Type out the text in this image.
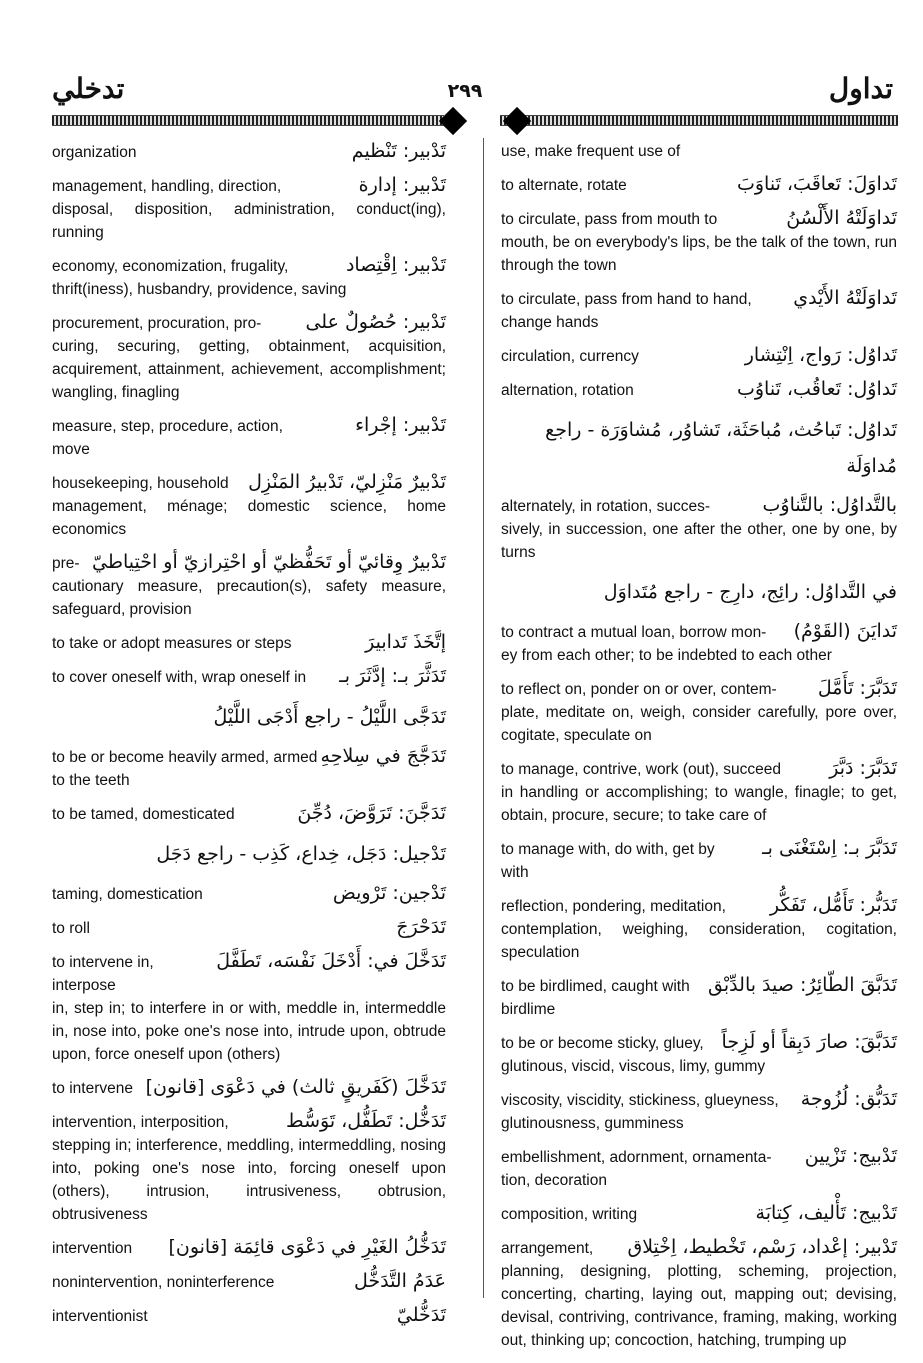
تدخلي	٢٩٩	تداول
organization	تَدْبير: تَنْظيم
management, handling, direction,	تَدْبير: إدارة
disposal, disposition, administration, conduct(ing), running
economy, economization, frugality,	تَدْبير: اِقْتِصاد
thrift(iness), husbandry, providence, saving
procurement, procuration, pro- تَدْبير: حُصُولٌ على
curing, securing, getting, obtainment, acquisition, acquirement, attainment, achievement, accomplishment; wangling, finagling
measure, step, procedure, action,	تَدْبير: إجْراء
move
housekeeping, household تَدْبيرٌ مَنْزِليّ، تَدْبيرُ المَنْزِل
management, ménage; domestic science, home economics
pre- تَدْبيرٌ وِقائيّ أو تَحَفُّظيّ أو احْتِرازيّ أو احْتِياطيّ
cautionary measure, precaution(s), safety measure, safeguard, provision
to take or adopt measures or steps	إتَّخَذَ تَدابيرَ
to cover oneself with, wrap oneself in تَدَثَّرَ بـ: إدَّثَرَ بـ
تَدَجَّى اللَّيْلُ - راجع أَدْجَى اللَّيْلُ
to be or become heavily armed, armed تَدَجَّجَ في سِلاحِهِ
to the teeth
to be tamed, domesticated	تَدَجَّنَ: تَرَوَّضَ، دُجِّنَ
تَدْجيل: دَجَل، خِداع، كَذِب - راجع دَجَل
taming, domestication	تَدْجين: تَرْويض
to roll	تَدَحْرَجَ
to intervene in, interpose
تَدَخَّلَ في: أَدْخَلَ نَفْسَه، تَطَفَّلَ
in, step in; to interfere in or with, meddle in, intermeddle in, nose into, poke one's nose into, intrude upon, obtrude upon, force oneself upon (others)
to intervene تَدَخَّلَ (كَفَريقٍ ثالث) في دَعْوَى [قانون]
intervention, interposition,	تَدَخُّل: تَطَفُّل، تَوَسُّط
stepping in; interference, meddling, intermeddling, nosing into, poking one's nose into, forcing oneself upon (others), intrusion, intrusiveness, obtrusion, obtrusiveness
intervention تَدَخُّلُ الغَيْرِ في دَعْوَى قائِمَة [قانون]
nonintervention, noninterference	عَدَمُ التَّدَخُّل
interventionist	تَدَخُّليّ
use, make frequent use of
to alternate, rotate	تَداوَلَ: تَعاقَبَ، تَناوَبَ
to circulate, pass from mouth to	تَداوَلَتْهُ الأَلْسُنُ
mouth, be on everybody's lips, be the talk of the town, run through the town
to circulate, pass from hand to hand, تَداوَلَتْهُ الأَيْدي
change hands
circulation, currency	تَداوُل: رَواج، اِنْتِشار
alternation, rotation	تَداوُل: تَعاقُب، تَناوُب
تَداوُل: تَباحُث، مُباحَثَة، تَشاوُر، مُشاوَرَة - راجع مُداوَلَة
alternately, in rotation, succes-	بالتَّداوُل: بالتَّناوُب
sively, in succession, one after the other, one by one, by turns
في التَّداوُل: رائِج، دارِج - راجع مُتَداوَل
to contract a mutual loan, borrow mon- تَدايَنَ (القَوْمُ)
ey from each other; to be indebted to each other
to reflect on, ponder on or over, contem- تَدَبَّرَ: تَأَمَّلَ
plate, meditate on, weigh, consider carefully, pore over, cogitate, speculate on
to manage, contrive, work (out), succeed	تَدَبَّرَ: دَبَّرَ
in handling or accomplishing; to wangle, finagle; to get, obtain, procure, secure; to take care of
to manage with, do with, get by تَدَبَّرَ بـ: اِسْتَغْنَى بـ
with
reflection, pondering, meditation, تَدَبُّر: تَأَمُّل، تَفَكُّر
contemplation, weighing, consideration, cogitation, speculation
to be birdlimed, caught with تَدَبَّقَ الطّائِرُ: صيدَ بالدِّبْق
birdlime
to be or become sticky, gluey, تَدَبَّقَ: صارَ دَبِقاً أو لَزِجاً
glutinous, viscid, viscous, limy, gummy
viscosity, viscidity, stickiness, glueyness, تَدَبُّق: لُزُوجة
glutinousness, gumminess
embellishment, adornment, ornamenta- تَدْبيج: تَزْيين
tion, decoration
composition, writing	تَدْبيج: تَأْليف، كِتابَة
arrangement, تَدْبير: إعْداد، رَسْم، تَخْطيط، اِخْتِلاق
planning, designing, plotting, scheming, projection, concerting, charting, laying out, mapping out; devising, devisal, contriving, contrivance, framing, making, working out, thinking up; concoction, hatching, trumping up
